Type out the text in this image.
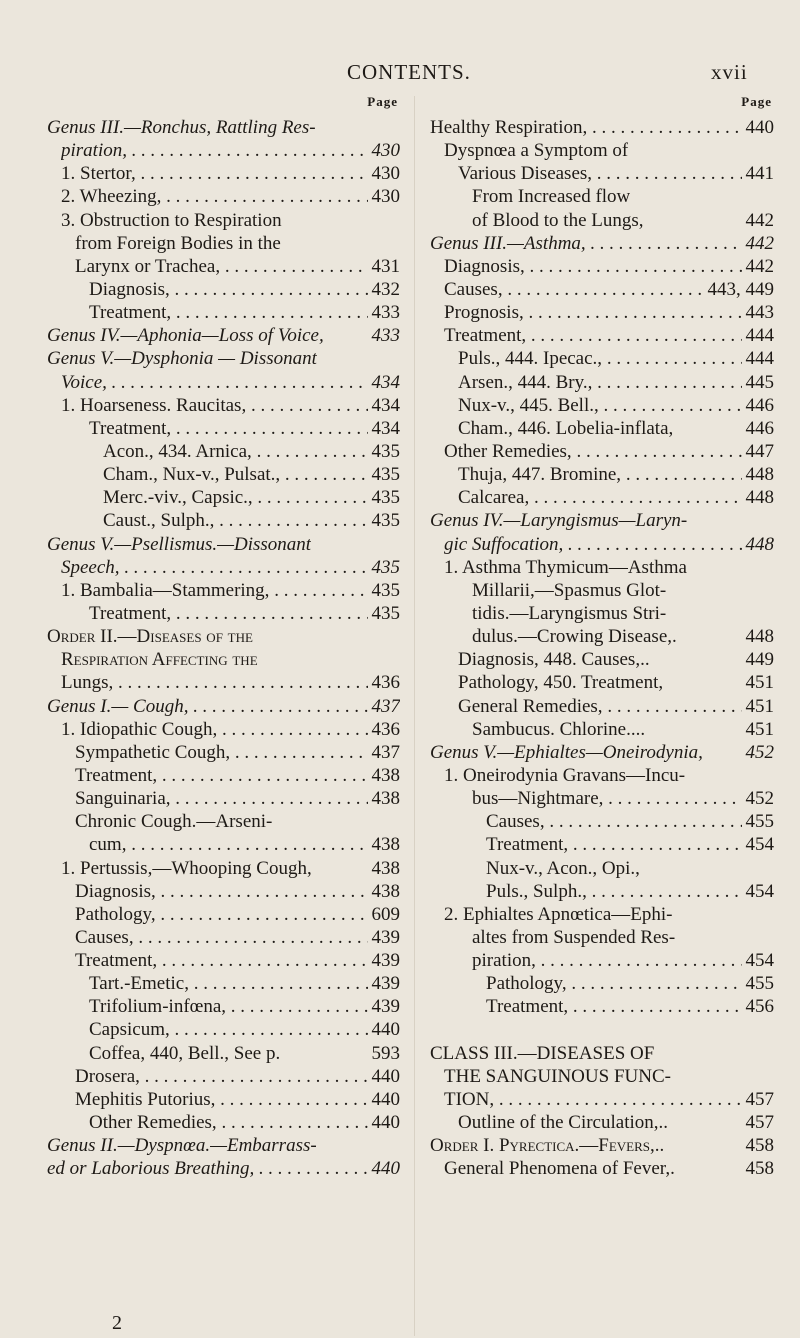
CONTENTS.	xvii
Page
Genus III.—Ronchus, Rattling Res-
piration, . . .	430
1. Stertor, . . .	430
2. Wheezing, . . .	430
3. Obstruction to Respiration
from Foreign Bodies in the
Larynx or Trachea, . . .	431
Diagnosis, . . .	432
Treatment, . . .	433
Genus IV.—Aphonia—Loss of Voice,	433
Genus V.—Dysphonia — Dissonant
Voice, . . .	434
1. Hoarseness. Raucitas, . . .	434
Treatment, . . .	434
Acon., 434. Arnica, . . .	435
Cham., Nux-v., Pulsat., . . .	435
Merc.-viv., Capsic., . . .	435
Caust., Sulph., . . .	435
Genus V.—Psellismus.—Dissonant
Speech, . . .	435
1. Bambalia—Stammering, . . .	435
Treatment, . . .	435
Order II.—Diseases of the
Respiration Affecting the
Lungs, . . .	436
Genus I.— Cough, . . .	437
1. Idiopathic Cough, . . .	436
Sympathetic Cough, . . .	437
Treatment, . . .	438
Sanguinaria, . . .	438
Chronic Cough.—Arseni-
cum, . . .	438
1. Pertussis,—Whooping Cough,	438
Diagnosis, . . .	438
Pathology, . . .	609
Causes, . . .	439
Treatment, . . .	439
Tart.-Emetic, . . .	439
Trifolium-infœna, . . .	439
Capsicum, . . .	440
Coffea, 440, Bell., See p.	593
Drosera, . . .	440
Mephitis Putorius, . . .	440
Other Remedies, . . .	440
Genus II.—Dyspnœa.—Embarrass-
ed or Laborious Breathing, . . .	440
Page
Healthy Respiration, . . .	440
Dyspnœa a Symptom of
Various Diseases, . . .	441
From Increased flow
of Blood to the Lungs,	442
Genus III.—Asthma, . . .	442
Diagnosis, . . .	442
Causes, . . .	443, 449
Prognosis, . . .	443
Treatment, . . .	444
Puls., 444. Ipecac., . . .	444
Arsen., 444. Bry., . . .	445
Nux-v., 445. Bell., . . .	446
Cham., 446. Lobelia-inflata,	446
Other Remedies, . . .	447
Thuja, 447. Bromine, . . .	448
Calcarea, . . .	448
Genus IV.—Laryngismus—Laryn-
gic Suffocation, . . .	448
1. Asthma Thymicum—Asthma
Millarii,—Spasmus Glot-
tidis.—Laryngismus Stri-
dulus.—Crowing Disease,.	448
Diagnosis, 448. Causes,..	449
Pathology, 450. Treatment,	451
General Remedies, . . .	451
Sambucus. Chlorine....	451
Genus V.—Ephialtes—Oneirodynia, 452
1. Oneirodynia Gravans—Incu-
bus—Nightmare, . . .	452
Causes, . . .	455
Treatment, . . .	454
Nux-v., Acon., Opi.,
Puls., Sulph., . . .	454
2. Ephialtes Apnœtica—Ephi-
altes from Suspended Res-
piration, . . .	454
Pathology, . . .	455
Treatment, . . .	456
CLASS III.—DISEASES OF
THE SANGUINOUS FUNC-
TION, . . .	457
Outline of the Circulation,..	457
Order I. Pyrectica.—Fevers,..	458
General Phenomena of Fever,.	458
2
